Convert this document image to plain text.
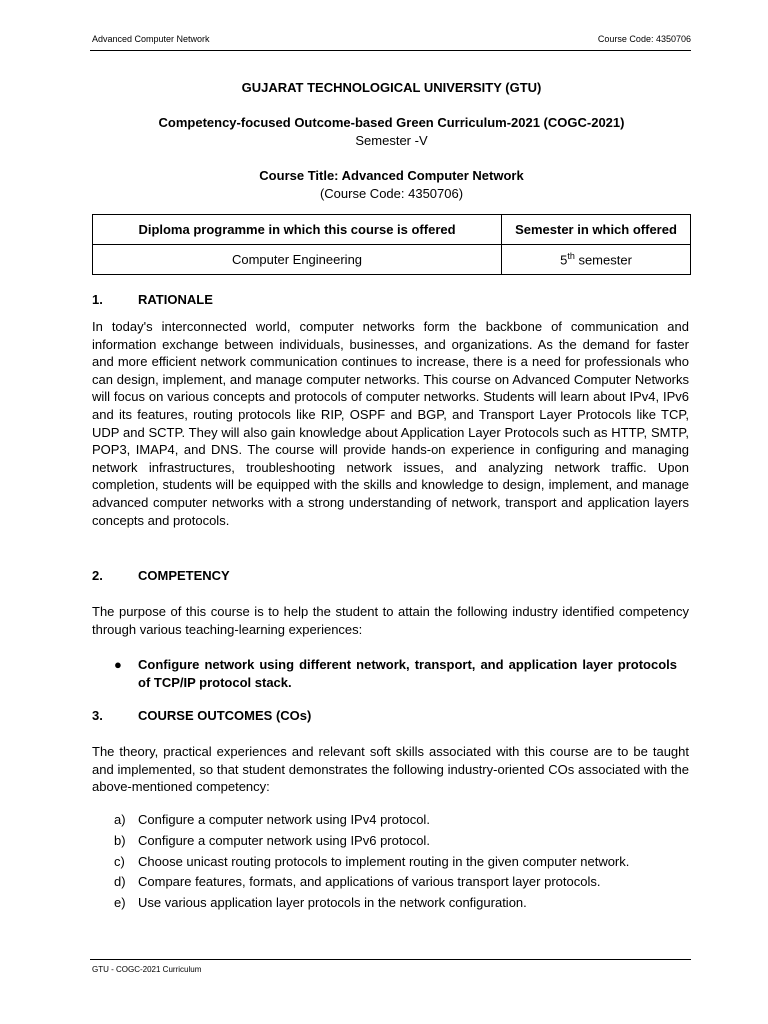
Advanced Computer Network	Course Code: 4350706
GUJARAT TECHNOLOGICAL UNIVERSITY (GTU)
Competency-focused Outcome-based Green Curriculum-2021 (COGC-2021)
Semester -V
Course Title: Advanced Computer Network
(Course Code: 4350706)
Diploma programme in which this course is offered	Semester in which offered
Computer Engineering	5th semester
1.	RATIONALE
In today's interconnected world, computer networks form the backbone of communication and information exchange between individuals, businesses, and organizations. As the demand for faster and more efficient network communication continues to increase, there is a need for professionals who can design, implement, and manage computer networks. This course on Advanced Computer Networks will focus on various concepts and protocols of computer networks. Students will learn about IPv4, IPv6 and its features, routing protocols like RIP, OSPF and BGP, and Transport Layer Protocols like TCP, UDP and SCTP. They will also gain knowledge about Application Layer Protocols such as HTTP, SMTP, POP3, IMAP4, and DNS. The course will provide hands-on experience in configuring and managing network infrastructures, troubleshooting network issues, and analyzing network traffic. Upon completion, students will be equipped with the skills and knowledge to design, implement, and manage advanced computer networks with a strong understanding of network, transport and application layers concepts and protocols.
2.	COMPETENCY
The purpose of this course is to help the student to attain the following industry identified competency through various teaching-learning experiences:
●	Configure network using different network, transport, and application layer protocols of TCP/IP protocol stack.
3.	COURSE OUTCOMES (COs)
The theory, practical experiences and relevant soft skills associated with this course are to be taught and implemented, so that student demonstrates the following industry-oriented COs associated with the above-mentioned competency:
a) Configure a computer network using IPv4 protocol.
b) Configure a computer network using IPv6 protocol.
c)	Choose unicast routing protocols to implement routing in the given computer network.
d) Compare features, formats, and applications of various transport layer protocols.
e) Use various application layer protocols in the network configuration.
GTU - COGC-2021 Curriculum
